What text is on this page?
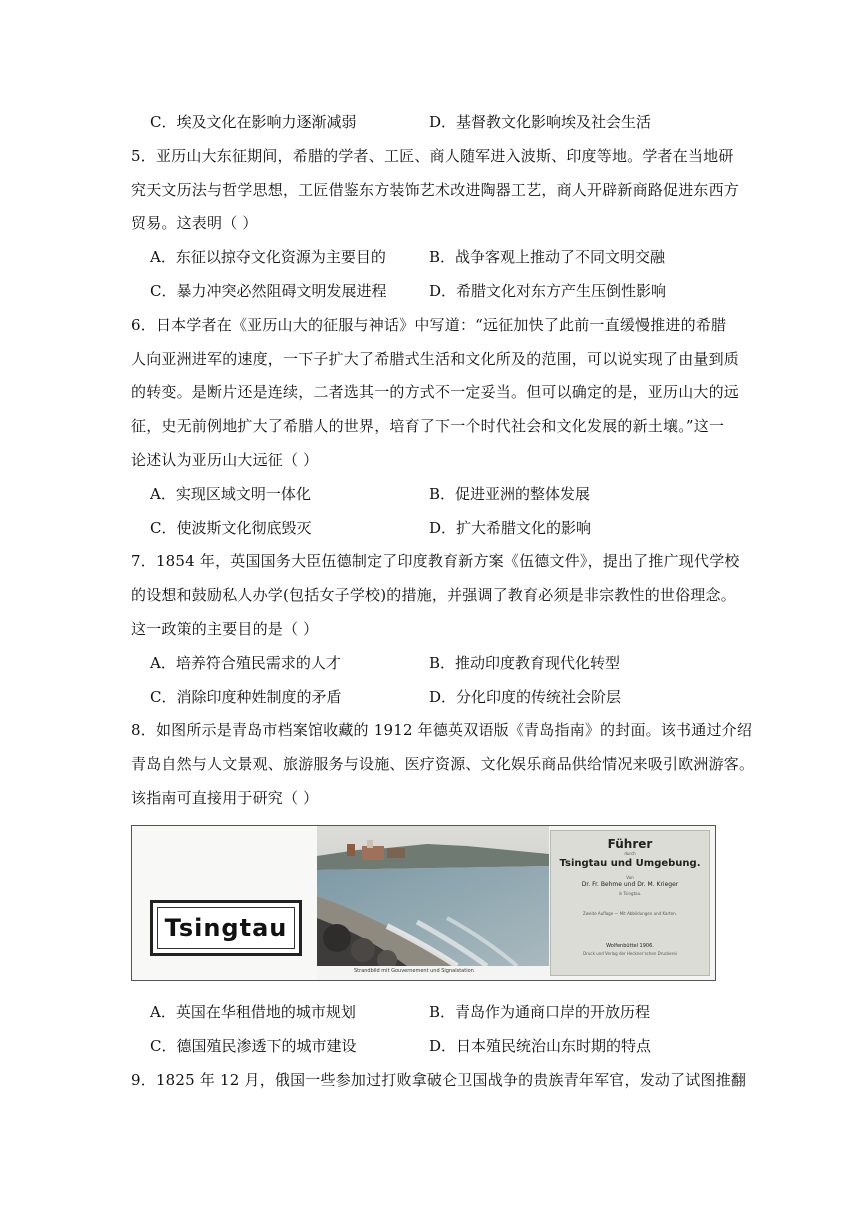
C．埃及文化在影响力逐渐减弱	D．基督教文化影响埃及社会生活
5．亚历山大东征期间，希腊的学者、工匠、商人随军进入波斯、印度等地。学者在当地研
究天文历法与哲学思想，工匠借鉴东方装饰艺术改进陶器工艺，商人开辟新商路促进东西方
贸易。这表明（ ）
A．东征以掠夺文化资源为主要目的	B．战争客观上推动了不同文明交融
C．暴力冲突必然阻碍文明发展进程	D．希腊文化对东方产生压倒性影响
6．日本学者在《亚历山大的征服与神话》中写道：“远征加快了此前一直缓慢推进的希腊
人向亚洲进军的速度，一下子扩大了希腊式生活和文化所及的范围，可以说实现了由量到质
的转变。是断片还是连续，二者选其一的方式不一定妥当。但可以确定的是，亚历山大的远
征，史无前例地扩大了希腊人的世界，培育了下一个时代社会和文化发展的新土壤。”这一
论述认为亚历山大远征（ ）
A．实现区域文明一体化	B．促进亚洲的整体发展
C．使波斯文化彻底毁灭	D．扩大希腊文化的影响
7．1854 年，英国国务大臣伍德制定了印度教育新方案《伍德文件》，提出了推广现代学校
的设想和鼓励私人办学(包括女子学校)的措施，并强调了教育必须是非宗教性的世俗理念。
这一政策的主要目的是（ ）
A．培养符合殖民需求的人才	B．推动印度教育现代化转型
C．消除印度种姓制度的矛盾	D．分化印度的传统社会阶层
8．如图所示是青岛市档案馆收藏的 1912 年德英双语版《青岛指南》的封面。该书通过介绍
青岛自然与人文景观、旅游服务与设施、医疗资源、文化娱乐商品供给情况来吸引欧洲游客。
该指南可直接用于研究（ ）
Tsingtau
Strandbild mit Gouvernement und Signalstation
Führer
durch
Tsingtau und Umgebung.
Von
Dr. Fr. Behme und Dr. M. Krieger
in Tsingtau.
Zweite Auflage — Mit Abbildungen und Karten.
Wolfenbüttel 1906.
Druck und Verlag der Heckner'schen Druckerei
A．英国在华租借地的城市规划	B．青岛作为通商口岸的开放历程
C．德国殖民渗透下的城市建设	D．日本殖民统治山东时期的特点
9．1825 年 12 月，俄国一些参加过打败拿破仑卫国战争的贵族青年军官，发动了试图推翻
